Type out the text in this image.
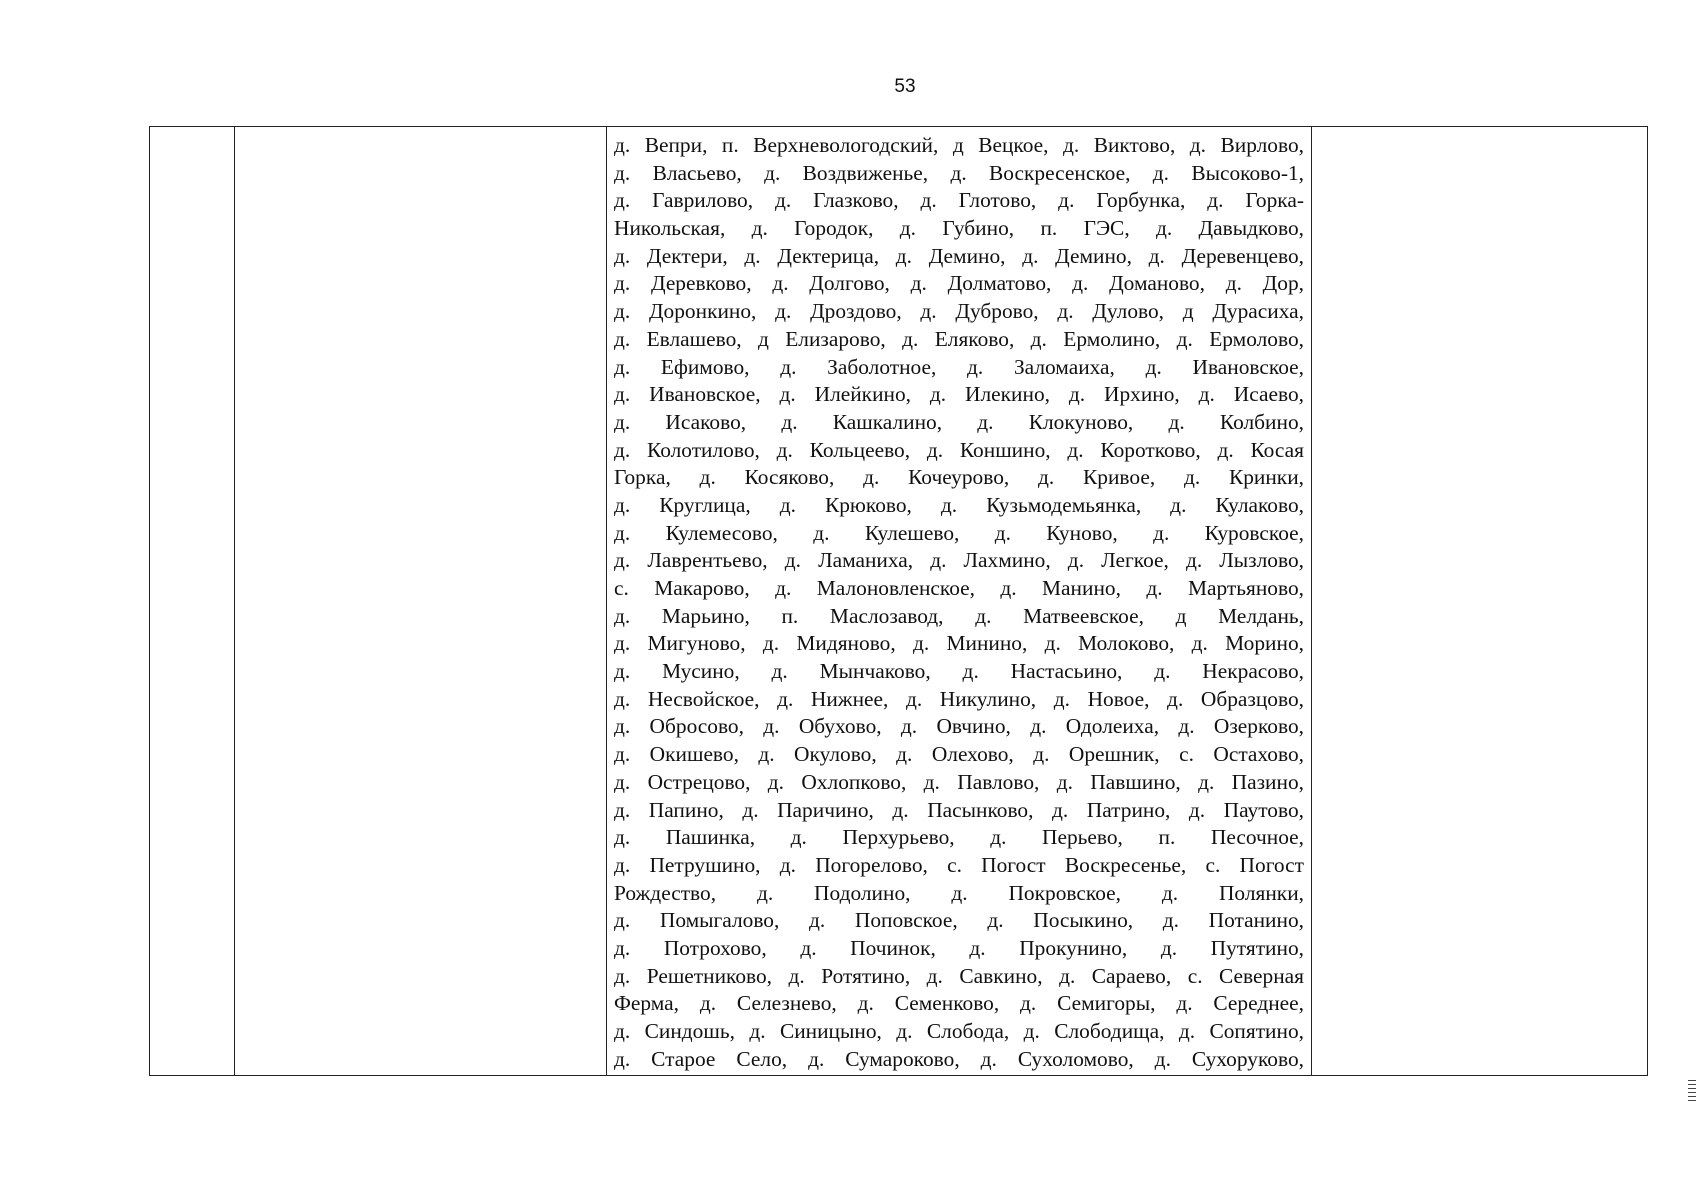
53
д. Вепри, п. Верхневологодский, д Вецкое, д. Виктово, д. Вирлово,
д. Власьево, д. Воздвиженье, д. Воскресенское, д. Высоково-1,
д. Гаврилово, д. Глазково, д. Глотово, д. Горбунка, д. Горка-
Никольская, д. Городок, д. Губино, п. ГЭС, д. Давыдково,
д. Дектери, д. Дектерица, д. Демино, д. Демино, д. Деревенцево,
д. Деревково, д. Долгово, д. Долматово, д. Доманово, д. Дор,
д. Доронкино, д. Дроздово, д. Дуброво, д. Дулово, д Дурасиха,
д. Евлашево, д Елизарово, д. Еляково, д. Ермолино, д. Ермолово,
д. Ефимово, д. Заболотное, д. Заломаиха, д. Ивановское,
д. Ивановское, д. Илейкино, д. Илекино, д. Ирхино, д. Исаево,
д. Исаково, д. Кашкалино, д. Клокуново, д. Колбино,
д. Колотилово, д. Кольцеево, д. Коншино, д. Коротково, д. Косая
Горка, д. Косяково, д. Кочеурово, д. Кривое, д. Кринки,
д. Круглица, д. Крюково, д. Кузьмодемьянка, д. Кулаково,
д. Кулемесово, д. Кулешево, д. Куново, д. Куровское,
д. Лаврентьево, д. Ламаниха, д. Лахмино, д. Легкое, д. Лызлово,
с. Макарово, д. Малоновленское, д. Манино, д. Мартьяново,
д. Марьино, п. Маслозавод, д. Матвеевское, д Мелдань,
д. Мигуново, д. Мидяново, д. Минино, д. Молоково, д. Морино,
д. Мусино, д. Мынчаково, д. Настасьино, д. Некрасово,
д. Несвойское, д. Нижнее, д. Никулино, д. Новое, д. Образцово,
д. Обросово, д. Обухово, д. Овчино, д. Одолеиха, д. Озерково,
д. Окишево, д. Окулово, д. Олехово, д. Орешник, с. Остахово,
д. Острецово, д. Охлопково, д. Павлово, д. Павшино, д. Пазино,
д. Папино, д. Паричино, д. Пасынково, д. Патрино, д. Паутово,
д. Пашинка, д. Перхурьево, д. Перьево, п. Песочное,
д. Петрушино, д. Погорелово, с. Погост Воскресенье, с. Погост
Рождество, д. Подолино, д. Покровское, д. Полянки,
д. Помыгалово, д. Поповское, д. Посыкино, д. Потанино,
д. Потрохово, д. Починок, д. Прокунино, д. Путятино,
д. Решетниково, д. Ротятино, д. Савкино, д. Сараево, с. Северная
Ферма, д. Селезнево, д. Семенково, д. Семигоры, д. Середнее,
д. Синдошь, д. Синицыно, д. Слобода, д. Слободища, д. Сопятино,
д. Старое Село, д. Сумароково, д. Сухоломово, д. Сухоруково,
